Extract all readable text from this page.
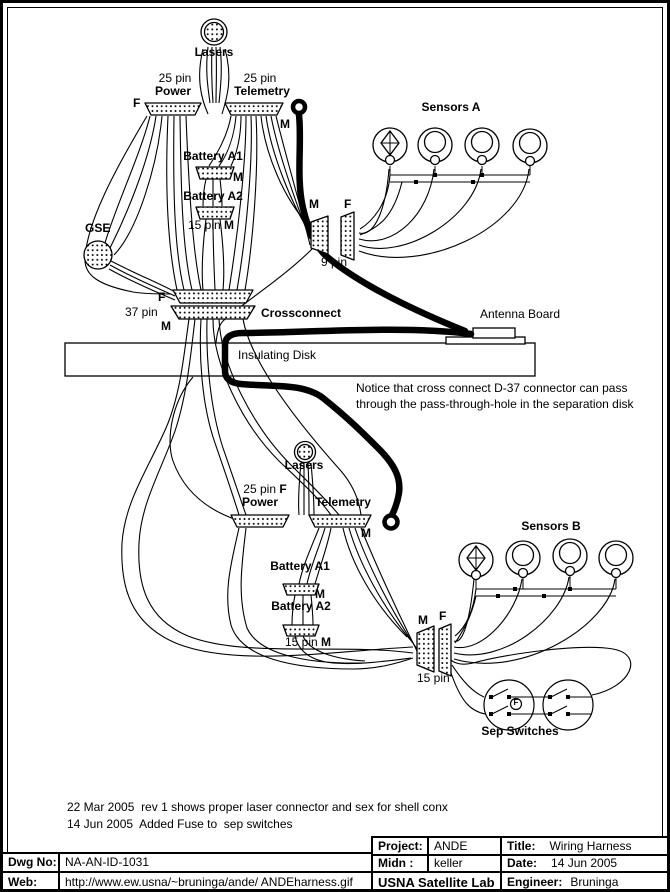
Lasers
25 pin
Power
25 pin
Telemetry
F
M
Battery A1
M
Battery A2
15 pin M
GSE
F
37 pin
M
Crossconnect
Insulating Disk
Antenna Board
Notice that cross connect D-37 connector can pass
through the pass-through-hole in the separation disk
Sensors A
M F
9 pin
Lasers
25 pin F
Power	Telemetry
M
Battery A1
M
Battery A2
15 pin M
Sensors B
M F
15 pin
Sep Switches
F
22 Mar 2005 rev 1 shows proper laser connector and sex for shell conx
14 Jun 2005 Added Fuse to  sep switches
Project: ANDE	Title: Wiring Harness
Midn :	keller	Date: 14 Jun 2005
USNA Satellite Lab	Engineer: Bruninga
Dwg No: NA-AN-ID-1031
Web:	http://www.ew.usna/~bruninga/ande/ ANDEharness.gif
